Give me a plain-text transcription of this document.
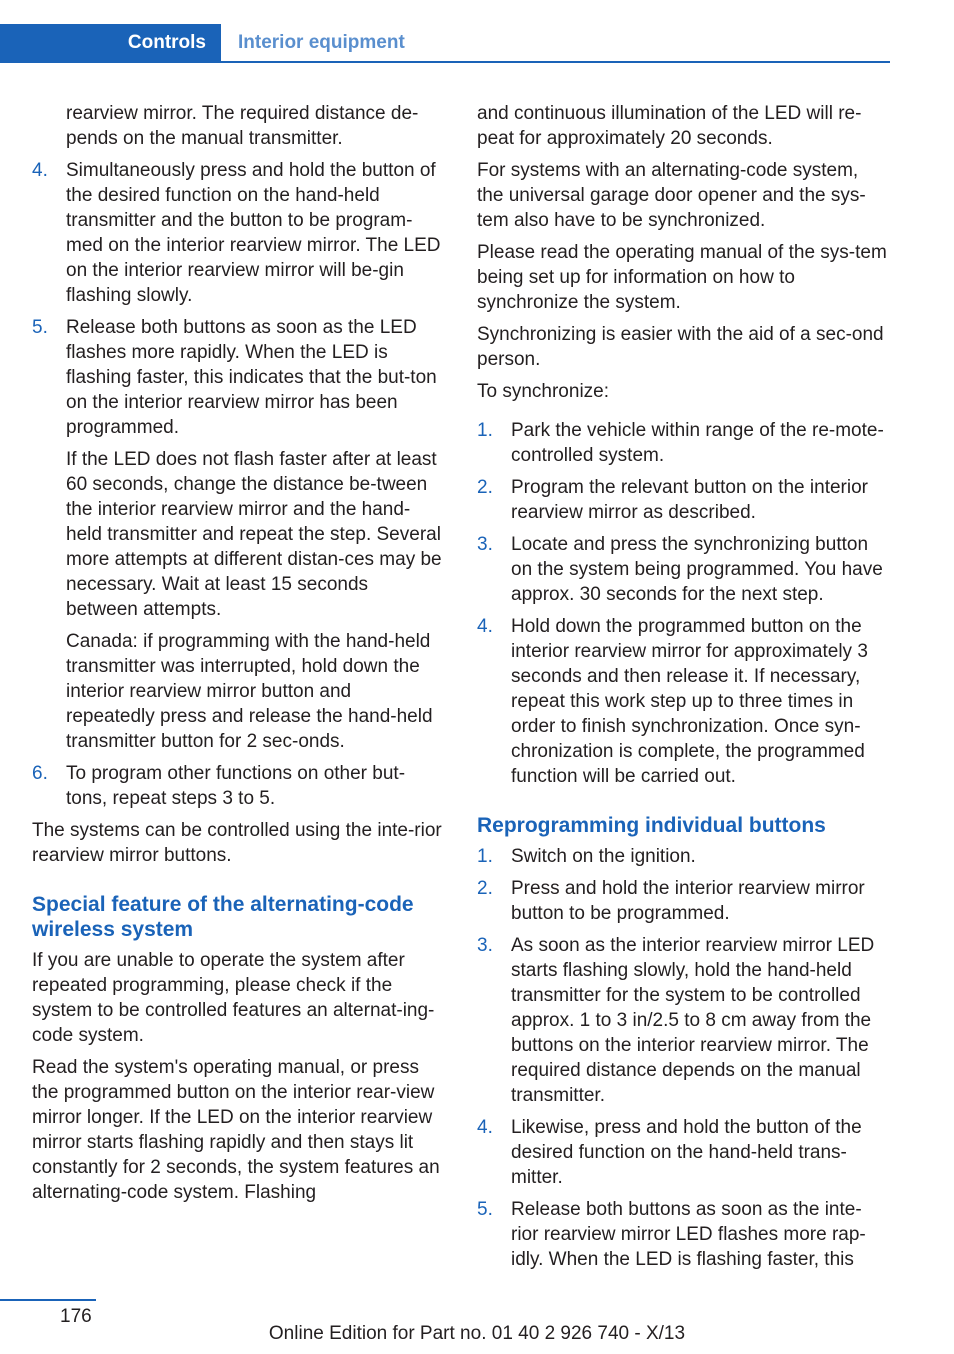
Controls	Interior equipment

rearview mirror. The required distance de‐pends on the manual transmitter.

4. Simultaneously press and hold the button of the desired function on the hand-held transmitter and the button to be program‐med on the interior rearview mirror. The LED on the interior rearview mirror will be‐gin flashing slowly.

5. Release both buttons as soon as the LED flashes more rapidly. When the LED is flashing faster, this indicates that the but‐ton on the interior rearview mirror has been programmed.

If the LED does not flash faster after at least 60 seconds, change the distance be‐tween the interior rearview mirror and the hand-held transmitter and repeat the step. Several more attempts at different distan‐ces may be necessary. Wait at least 15 seconds between attempts.

Canada: if programming with the hand-held transmitter was interrupted, hold down the interior rearview mirror button and repeatedly press and release the hand-held transmitter button for 2 sec‐onds.

6. To program other functions on other but‐tons, repeat steps 3 to 5.

The systems can be controlled using the inte‐rior rearview mirror buttons.

Special feature of the alternating-code wireless system

If you are unable to operate the system after repeated programming, please check if the system to be controlled features an alternat‐ing-code system.

Read the system's operating manual, or press the programmed button on the interior rear‐view mirror longer. If the LED on the interior rearview mirror starts flashing rapidly and then stays lit constantly for 2 seconds, the system features an alternating-code system. Flashing

and continuous illumination of the LED will re‐peat for approximately 20 seconds.

For systems with an alternating-code system, the universal garage door opener and the sys‐tem also have to be synchronized.

Please read the operating manual of the sys‐tem being set up for information on how to synchronize the system.

Synchronizing is easier with the aid of a sec‐ond person.

To synchronize:

1. Park the vehicle within range of the re‐mote-controlled system.
2. Program the relevant button on the interior rearview mirror as described.
3. Locate and press the synchronizing button on the system being programmed. You have approx. 30 seconds for the next step.
4. Hold down the programmed button on the interior rearview mirror for approximately 3 seconds and then release it. If necessary, repeat this work step up to three times in order to finish synchronization. Once syn‐chronization is complete, the programmed function will be carried out.
Reprogramming individual buttons
1. Switch on the ignition.
2. Press and hold the interior rearview mirror button to be programmed.
3. As soon as the interior rearview mirror LED starts flashing slowly, hold the hand-held transmitter for the system to be controlled approx. 1 to 3 in/2.5 to 8 cm away from the buttons on the interior rearview mirror. The required distance depends on the manual transmitter.
4. Likewise, press and hold the button of the desired function on the hand-held trans‐mitter.
5. Release both buttons as soon as the inte‐rior rearview mirror LED flashes more rap‐idly. When the LED is flashing faster, this
176
Online Edition for Part no. 01 40 2 926 740 - X/13
